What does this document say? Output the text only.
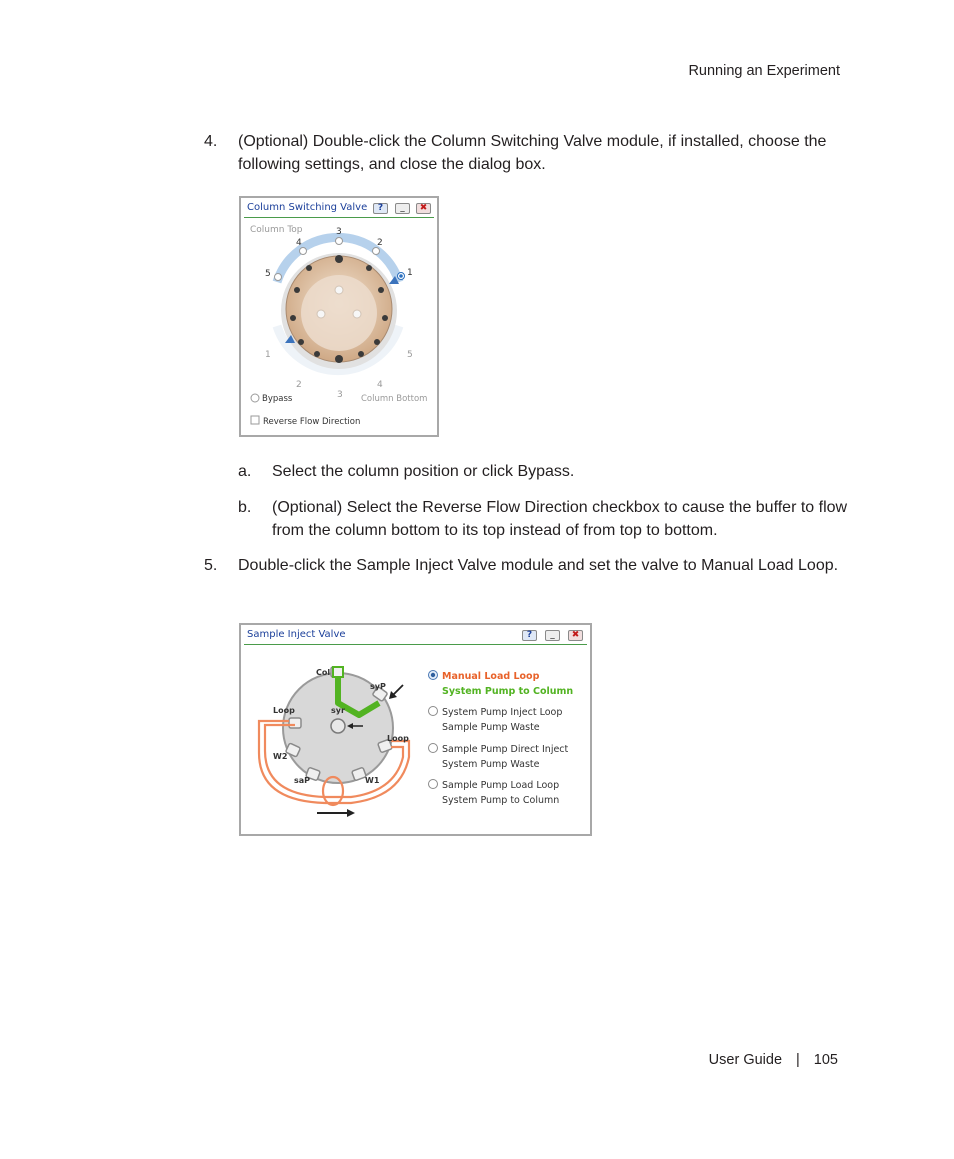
Running an Experiment
4. (Optional) Double-click the Column Switching Valve module, if installed, choose the following settings, and close the dialog box.
Column Switching Valve	?	_	✖
Column Top
4
3
2
5	1
1	5
2	4
3
Bypass	Column Bottom
Reverse Flow Direction
a. Select the column position or click Bypass.
b. (Optional) Select the Reverse Flow Direction checkbox to cause the buffer to flow from the column bottom to its top instead of from top to bottom.
5. Double-click the Sample Inject Valve module and set the valve to Manual Load Loop.
Sample Inject Valve	?	_	✖
Col
syP
Loop	syr
Loop
W2
saP	W1
Manual Load Loop
System Pump to Column
System Pump Inject Loop
Sample Pump Waste
Sample Pump Direct Inject
System Pump Waste
Sample Pump Load Loop
System Pump to Column
User Guide | 105
